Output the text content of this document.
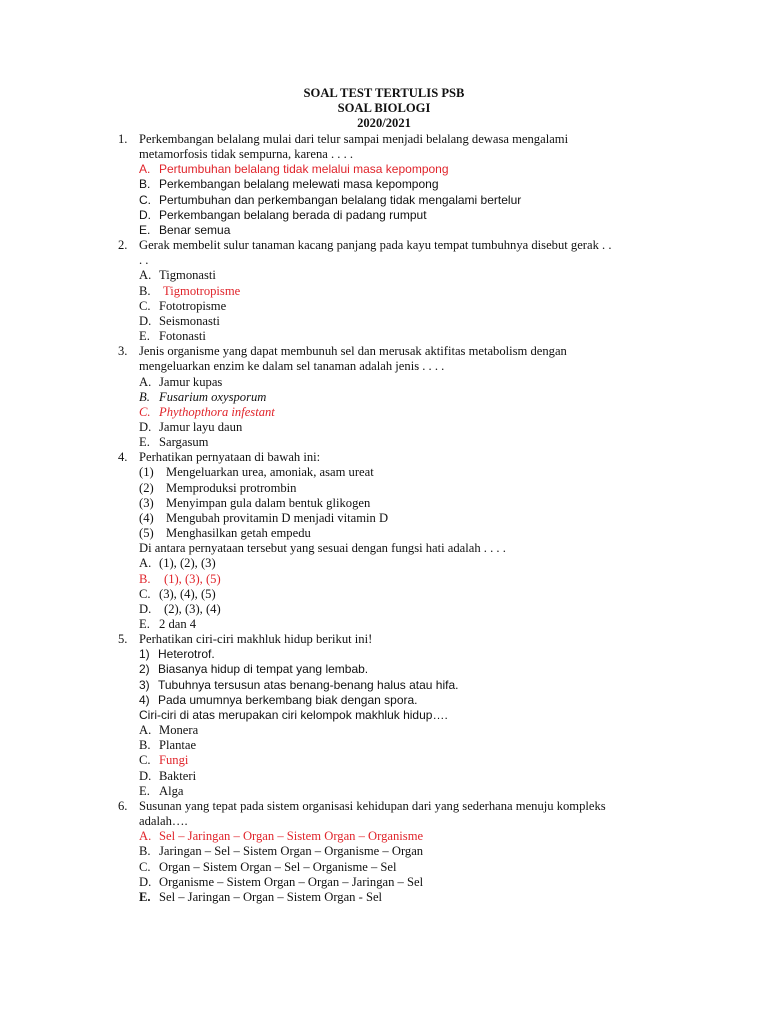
SOAL TEST TERTULIS PSB
SOAL BIOLOGI
2020/2021
1. Perkembangan belalang mulai dari telur sampai menjadi belalang dewasa mengalami
metamorfosis tidak sempurna, karena . . . .
A. Pertumbuhan belalang tidak melalui masa kepompong
B. Perkembangan belalang melewati masa kepompong
C. Pertumbuhan dan perkembangan belalang tidak mengalami bertelur
D. Perkembangan belalang berada di padang rumput
E. Benar semua
2. Gerak membelit sulur tanaman kacang panjang pada kayu tempat tumbuhnya disebut gerak . .
. .
A. Tigmonasti
B. Tigmotropisme
C. Fototropisme
D. Seismonasti
E. Fotonasti
3. Jenis organisme yang dapat membunuh sel dan merusak aktifitas metabolism dengan
mengeluarkan enzim ke dalam sel tanaman adalah jenis . . . .
A. Jamur kupas
B. Fusarium oxysporum
C. Phythopthora infestant
D. Jamur layu daun
E. Sargasum
4. Perhatikan pernyataan di bawah ini:
(1) Mengeluarkan urea, amoniak, asam ureat
(2) Memproduksi protrombin
(3) Menyimpan gula dalam bentuk glikogen
(4) Mengubah provitamin D menjadi vitamin D
(5) Menghasilkan getah empedu
Di antara pernyataan tersebut yang sesuai dengan fungsi hati adalah . . . .
A. (1), (2), (3)
B. (1), (3), (5)
C. (3), (4), (5)
D. (2), (3), (4)
E. 2 dan 4
5. Perhatikan ciri-ciri makhluk hidup berikut ini!
1) Heterotrof.
2) Biasanya hidup di tempat yang lembab.
3) Tubuhnya tersusun atas benang-benang halus atau hifa.
4) Pada umumnya berkembang biak dengan spora.
Ciri-ciri di atas merupakan ciri kelompok makhluk hidup….
A. Monera
B. Plantae
C. Fungi
D. Bakteri
E. Alga
6. Susunan yang tepat pada sistem organisasi kehidupan dari yang sederhana menuju kompleks
adalah….
A. Sel – Jaringan – Organ – Sistem Organ – Organisme
B. Jaringan – Sel – Sistem Organ – Organisme – Organ
C. Organ – Sistem Organ – Sel – Organisme – Sel
D. Organisme – Sistem Organ – Organ – Jaringan – Sel
E. Sel – Jaringan – Organ – Sistem Organ - Sel
